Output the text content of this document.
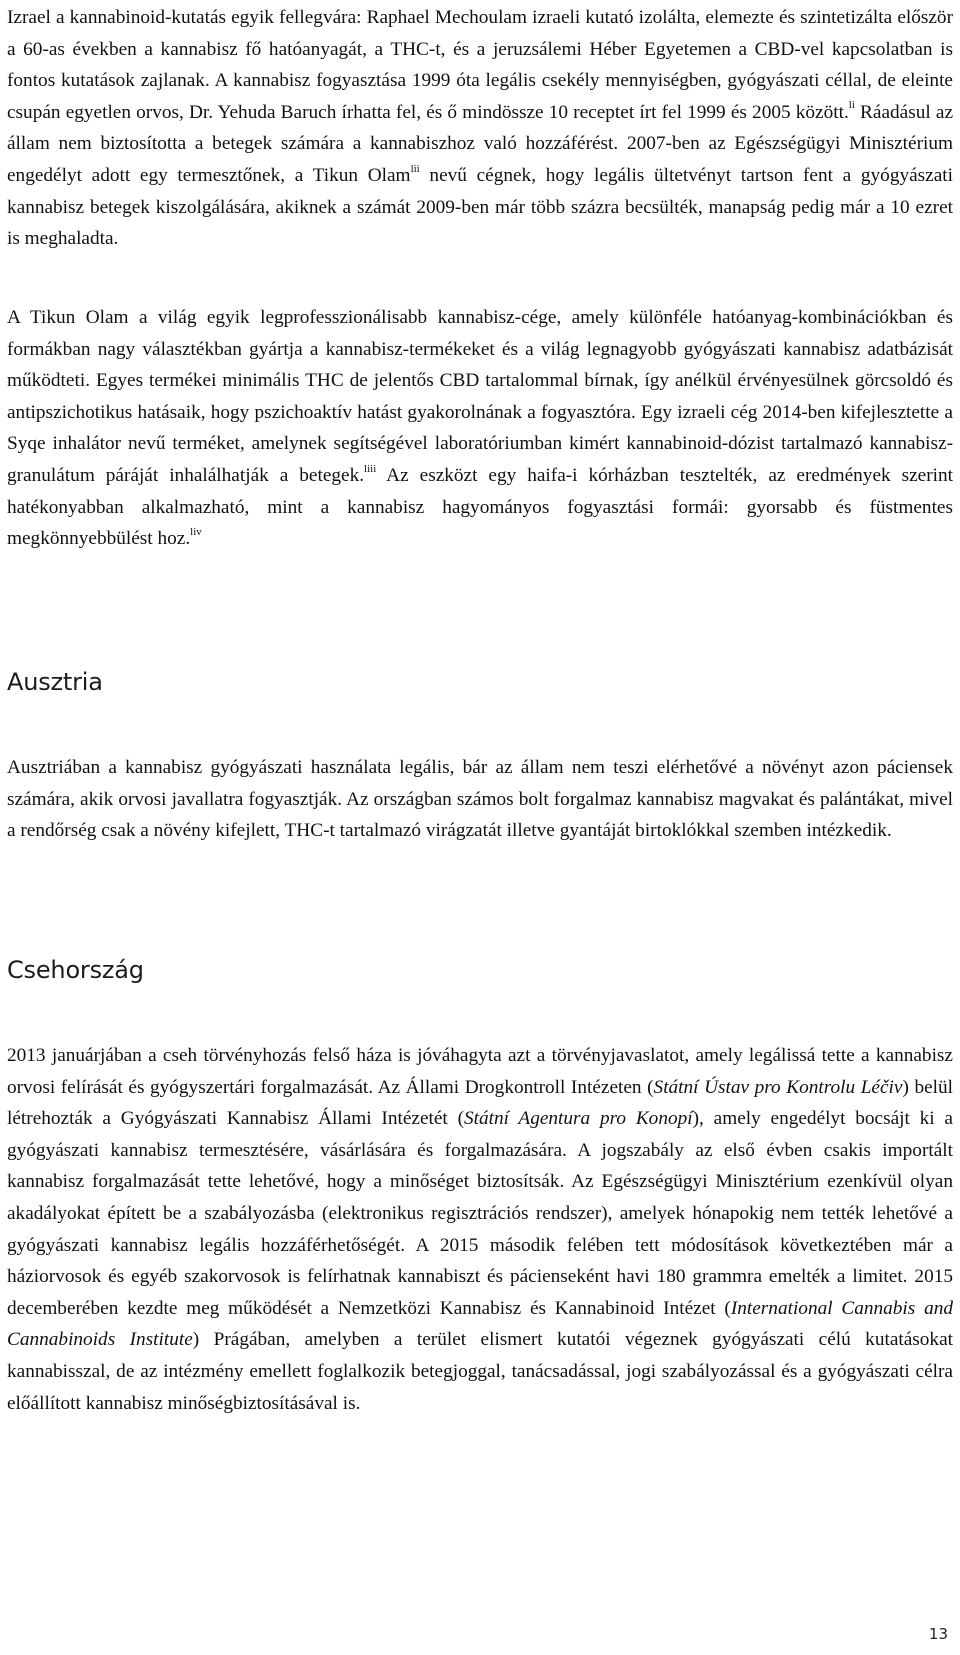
Izrael a kannabinoid-kutatás egyik fellegvára: Raphael Mechoulam izraeli kutató izolálta, elemezte és szintetizálta először a 60-as években a kannabisz fő hatóanyagát, a THC-t, és a jeruzsálemi Héber Egyetemen a CBD-vel kapcsolatban is fontos kutatások zajlanak. A kannabisz fogyasztása 1999 óta legális csekély mennyiségben, gyógyászati céllal, de eleinte csupán egyetlen orvos, Dr. Yehuda Baruch írhatta fel, és ő mindössze 10 receptet írt fel 1999 és 2005 között.$^{li}$ Ráadásul az állam nem biztosította a betegek számára a kannabiszhoz való hozzáférést. 2007-ben az Egészségügyi Minisztérium engedélyt adott egy termesztőnek, a Tikun Olam$^{lii}$ nevű cégnek, hogy legális ültetvényt tartson fent a gyógyászati kannabisz betegek kiszolgálására, akiknek a számát 2009-ben már több százra becsülték, manapság pedig már a 10 ezret is meghaladta.

A Tikun Olam a világ egyik legprofesszionálisabb kannabisz-cége, amely különféle hatóanyag-kombinációkban és formákban nagy választékban gyártja a kannabisz-termékeket és a világ legnagyobb gyógyászati kannabisz adatbázisát működteti. Egyes termékei minimális THC de jelentős CBD tartalommal bírnak, így anélkül érvényesülnek görcsoldó és antipszichotikus hatásaik, hogy pszichoaktív hatást gyakorolnának a fogyasztóra. Egy izraeli cég 2014-ben kifejlesztette a Syqe inhalátor nevű terméket, amelynek segítségével laboratóriumban kimért kannabinoid-dózist tartalmazó kannabisz-granulátum páráját inhalálhatják a betegek.$^{liii}$ Az eszközt egy haifa-i kórházban tesztelték, az eredmények szerint hatékonyabban alkalmazható, mint a kannabisz hagyományos fogyasztási formái: gyorsabb és füstmentes megkönnyebbülést hoz.$^{liv}$

Ausztria

Ausztriában a kannabisz gyógyászati használata legális, bár az állam nem teszi elérhetővé a növényt azon páciensek számára, akik orvosi javallatra fogyasztják. Az országban számos bolt forgalmaz kannabisz magvakat és palántákat, mivel a rendőrség csak a növény kifejlett, THC-t tartalmazó virágzatát illetve gyantáját birtoklókkal szemben intézkedik.

Csehország

2013 januárjában a cseh törvényhozás felső háza is jóváhagyta azt a törvényjavaslatot, amely legálissá tette a kannabisz orvosi felírását és gyógyszertári forgalmazását. Az Állami Drogkontroll Intézeten (Státní Ústav pro Kontrolu Léčiv) belül létrehozták a Gyógyászati Kannabisz Állami Intézetét (Státní Agentura pro Konopí), amely engedélyt bocsájt ki a gyógyászati kannabisz termesztésére, vásárlására és forgalmazására. A jogszabály az első évben csakis importált kannabisz forgalmazását tette lehetővé, hogy a minőséget biztosítsák. Az Egészségügyi Minisztérium ezenkívül olyan akadályokat épített be a szabályozásba (elektronikus regisztrációs rendszer), amelyek hónapokig nem tették lehetővé a gyógyászati kannabisz legális hozzáférhetőségét. A 2015 második felében tett módosítások következtében már a háziorvosok és egyéb szakorvosok is felírhatnak kannabiszt és pácienseként havi 180 grammra emelték a limitet. 2015 decemberében kezdte meg működését a Nemzetközi Kannabisz és Kannabinoid Intézet (International Cannabis and Cannabinoids Institute) Prágában, amelyben a terület elismert kutatói végeznek gyógyászati célú kutatásokat kannabisszal, de az intézmény emellett foglalkozik betegjoggal, tanácsadással, jogi szabályozással és a gyógyászati célra előállított kannabisz minőségbiztosításával is.

13
